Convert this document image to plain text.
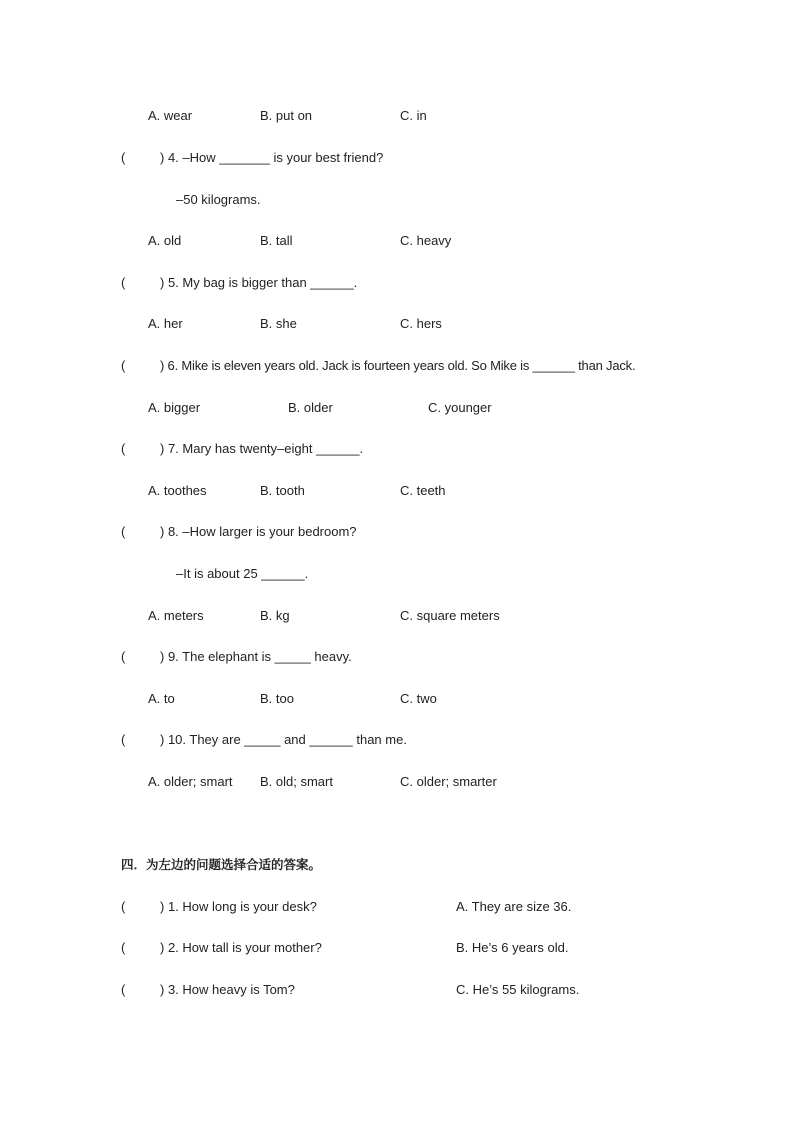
A. wear	B. put on	C. in
(	) 4. –How _______ is your best friend?
–50 kilograms.
A. old	B. tall	C. heavy
(	) 5. My bag is bigger than ______.
A. her	B. she	C. hers
(	) 6. Mike is eleven years old. Jack is fourteen years old. So Mike is ______ than Jack.
A. bigger	B. older	C. younger
(	) 7. Mary has twenty–eight ______.
A. toothes	B. tooth	C. teeth
(	) 8. –How larger is your bedroom?
–It is about 25 ______.
A. meters	B. kg	C. square meters
(	) 9. The elephant is _____ heavy.
A. to	B. too	C. two
(	) 10. They are _____ and ______ than me.
A. older; smart B. old; smart	C. older; smarter
四．为左边的问题选择合适的答案。
(	) 1. How long is your desk?	A. They are size 36.
(	) 2. How tall is your mother?	B. He’s 6 years old.
(	) 3. How heavy is Tom?	C. He’s 55 kilograms.
